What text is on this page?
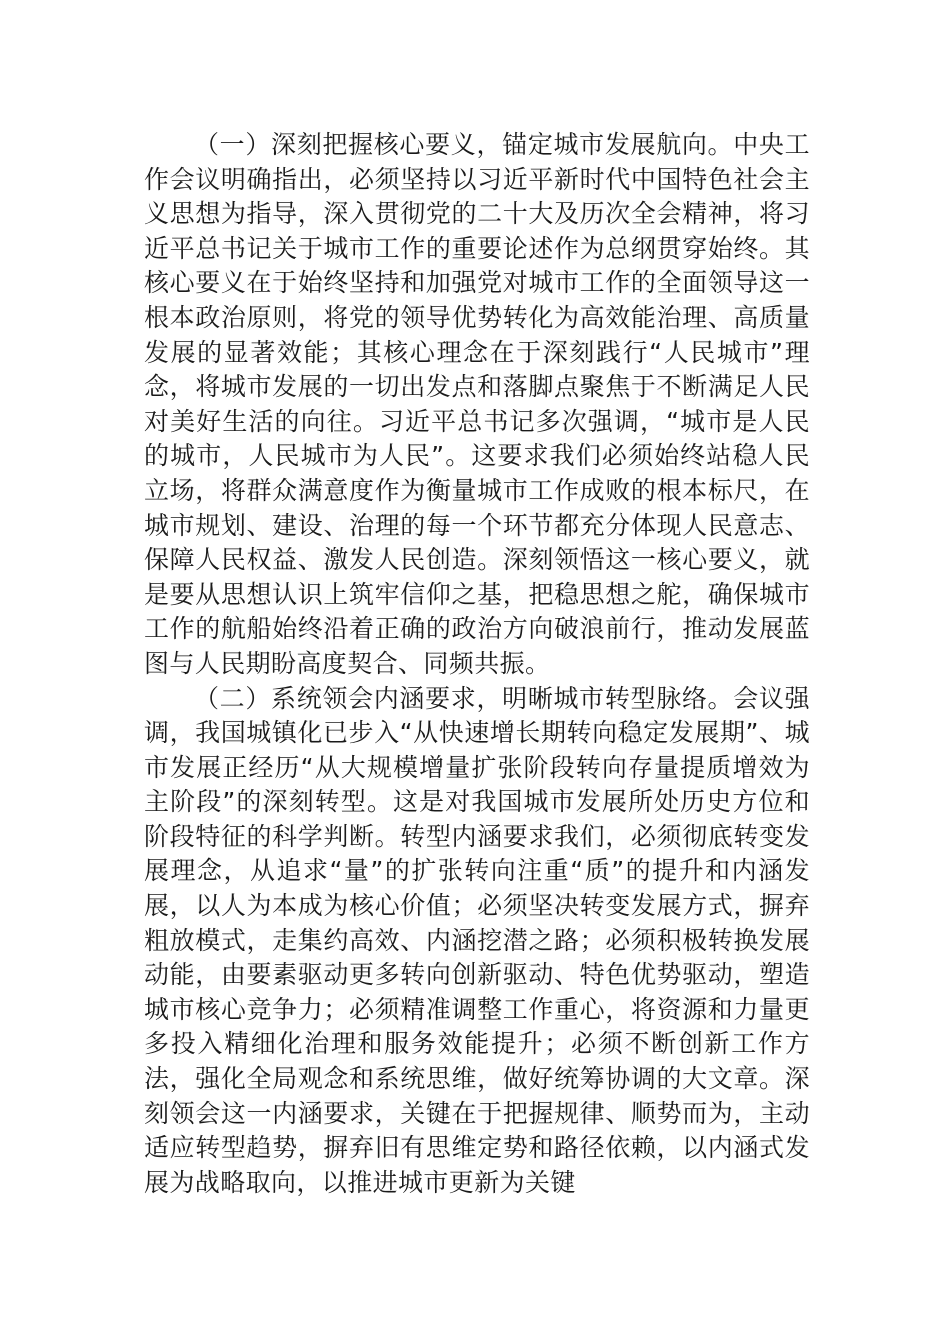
（一）深刻把握核心要义，锚定城市发展航向。中央工作会议明确指出，必须坚持以习近平新时代中国特色社会主义思想为指导，深入贯彻党的二十大及历次全会精神，将习近平总书记关于城市工作的重要论述作为总纲贯穿始终。其核心要义在于始终坚持和加强党对城市工作的全面领导这一根本政治原则，将党的领导优势转化为高效能治理、高质量发展的显著效能；其核心理念在于深刻践行“人民城市”理念，将城市发展的一切出发点和落脚点聚焦于不断满足人民对美好生活的向往。习近平总书记多次强调，“城市是人民的城市，人民城市为人民”。这要求我们必须始终站稳人民立场，将群众满意度作为衡量城市工作成败的根本标尺，在城市规划、建设、治理的每一个环节都充分体现人民意志、保障人民权益、激发人民创造。深刻领悟这一核心要义，就是要从思想认识上筑牢信仰之基，把稳思想之舵，确保城市工作的航船始终沿着正确的政治方向破浪前行，推动发展蓝图与人民期盼高度契合、同频共振。

（二）系统领会内涵要求，明晰城市转型脉络。会议强调，我国城镇化已步入“从快速增长期转向稳定发展期”、城市发展正经历“从大规模增量扩张阶段转向存量提质增效为主阶段”的深刻转型。这是对我国城市发展所处历史方位和阶段特征的科学判断。转型内涵要求我们，必须彻底转变发展理念，从追求“量”的扩张转向注重“质”的提升和内涵发展，以人为本成为核心价值；必须坚决转变发展方式，摒弃粗放模式，走集约高效、内涵挖潜之路；必须积极转换发展动能，由要素驱动更多转向创新驱动、特色优势驱动，塑造城市核心竞争力；必须精准调整工作重心，将资源和力量更多投入精细化治理和服务效能提升；必须不断创新工作方法，强化全局观念和系统思维，做好统筹协调的大文章。深刻领会这一内涵要求，关键在于把握规律、顺势而为，主动适应转型趋势，摒弃旧有思维定势和路径依赖，以内涵式发展为战略取向，以推进城市更新为关键
